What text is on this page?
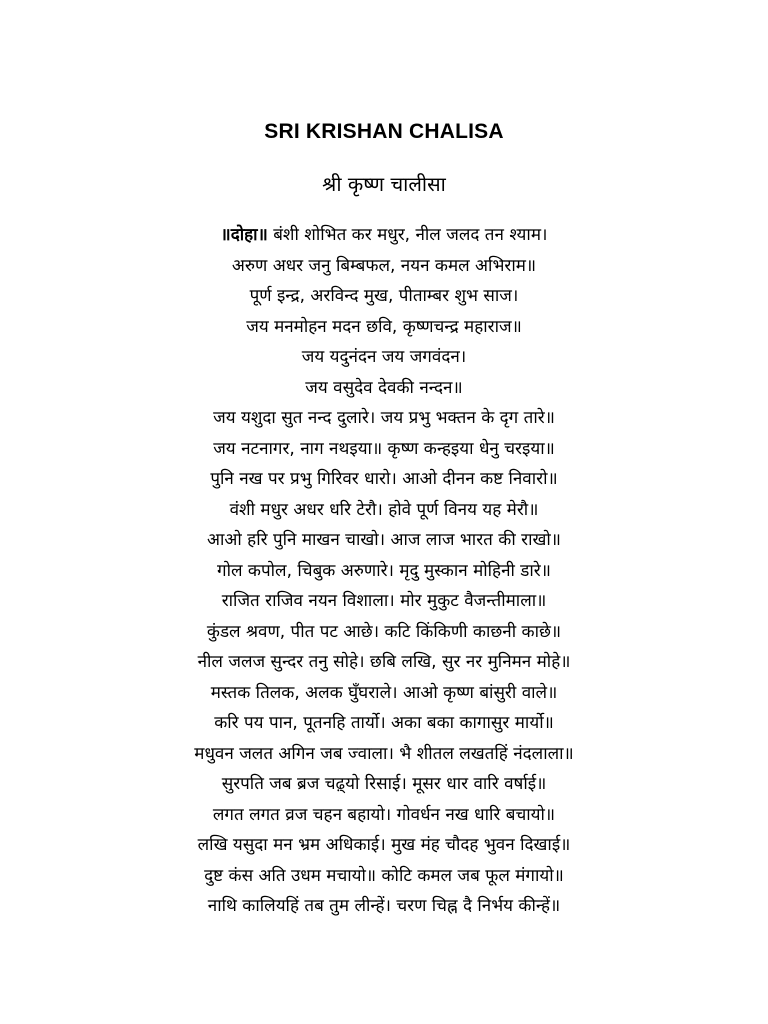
SRI KRISHAN CHALISA
श्री कृष्ण चालीसा
॥दोहा॥ बंशी शोभित कर मधुर, नील जलद तन श्याम।
अरुण अधर जनु बिम्बफल, नयन कमल अभिराम॥
पूर्ण इन्द्र, अरविन्द मुख, पीताम्बर शुभ साज।
जय मनमोहन मदन छवि, कृष्णचन्द्र महाराज॥
जय यदुनंदन जय जगवंदन।
जय वसुदेव देवकी नन्दन॥
जय यशुदा सुत नन्द दुलारे। जय प्रभु भक्तन के दृग तारे॥
जय नटनागर, नाग नथइया॥ कृष्ण कन्हइया धेनु चरइया॥
पुनि नख पर प्रभु गिरिवर धारो। आओ दीनन कष्ट निवारो॥
वंशी मधुर अधर धरि टेरौ। होवे पूर्ण विनय यह मेरौ॥
आओ हरि पुनि माखन चाखो। आज लाज भारत की राखो॥
गोल कपोल, चिबुक अरुणारे। मृदु मुस्कान मोहिनी डारे॥
राजित राजिव नयन विशाला। मोर मुकुट वैजन्तीमाला॥
कुंडल श्रवण, पीत पट आछे। कटि किंकिणी काछनी काछे॥
नील जलज सुन्दर तनु सोहे। छबि लखि, सुर नर मुनिमन मोहे॥
मस्तक तिलक, अलक घुँघराले। आओ कृष्ण बांसुरी वाले॥
करि पय पान, पूतनहि तार्यो। अका बका कागासुर मार्यो॥
मधुवन जलत अगिन जब ज्वाला। भै शीतल लखतहिं नंदलाला॥
सुरपति जब ब्रज चढ़्यो रिसाई। मूसर धार वारि वर्षाई॥
लगत लगत व्रज चहन बहायो। गोवर्धन नख धारि बचायो॥
लखि यसुदा मन भ्रम अधिकाई। मुख मंह चौदह भुवन दिखाई॥
दुष्ट कंस अति उधम मचायो॥ कोटि कमल जब फूल मंगायो॥
नाथि कालियहिं तब तुम लीन्हें। चरण चिह्न दै निर्भय कीन्हें॥
